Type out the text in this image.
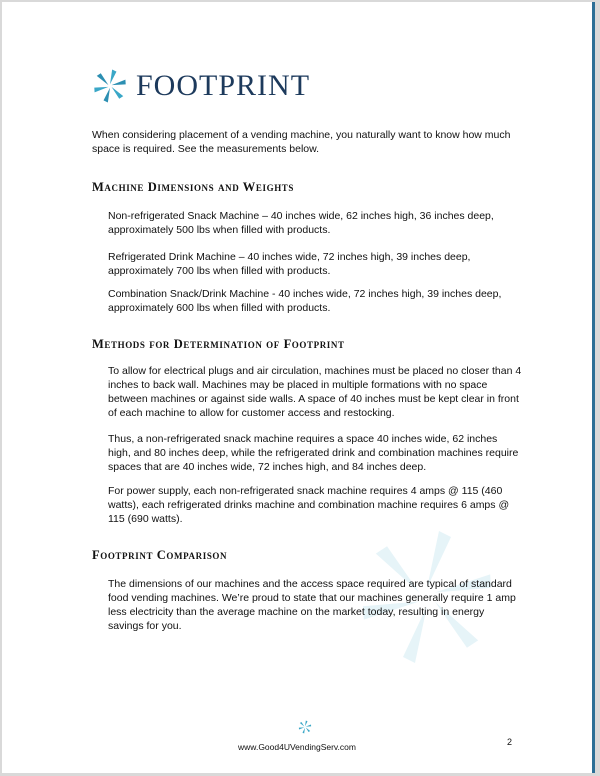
FOOTPRINT

When considering placement of a vending machine, you naturally want to know how much space is required. See the measurements below.

Machine Dimensions and Weights

Non-refrigerated Snack Machine – 40 inches wide, 62 inches high, 36 inches deep, approximately 500 lbs when filled with products.

Refrigerated Drink Machine – 40 inches wide, 72 inches high, 39 inches deep, approximately 700 lbs when filled with products.

Combination Snack/Drink Machine - 40 inches wide, 72 inches high, 39 inches deep, approximately 600 lbs when filled with products.

Methods for Determination of Footprint

To allow for electrical plugs and air circulation, machines must be placed no closer than 4 inches to back wall. Machines may be placed in multiple formations with no space between machines or against side walls. A space of 40 inches must be kept clear in front of each machine to allow for customer access and restocking.

Thus, a non-refrigerated snack machine requires a space 40 inches wide, 62 inches high, and 80 inches deep, while the refrigerated drink and combination machines require spaces that are 40 inches wide, 72 inches high, and 84 inches deep.

For power supply, each non-refrigerated snack machine requires 4 amps @ 115 (460 watts), each refrigerated drinks machine and combination machine requires 6 amps @ 115 (690 watts).

Footprint Comparison

The dimensions of our machines and the access space required are typical of standard food vending machines. We’re proud to state that our machines generally require 1 amp less electricity than the average machine on the market today, resulting in energy savings for you.

www.Good4UVendingServ.com	2
